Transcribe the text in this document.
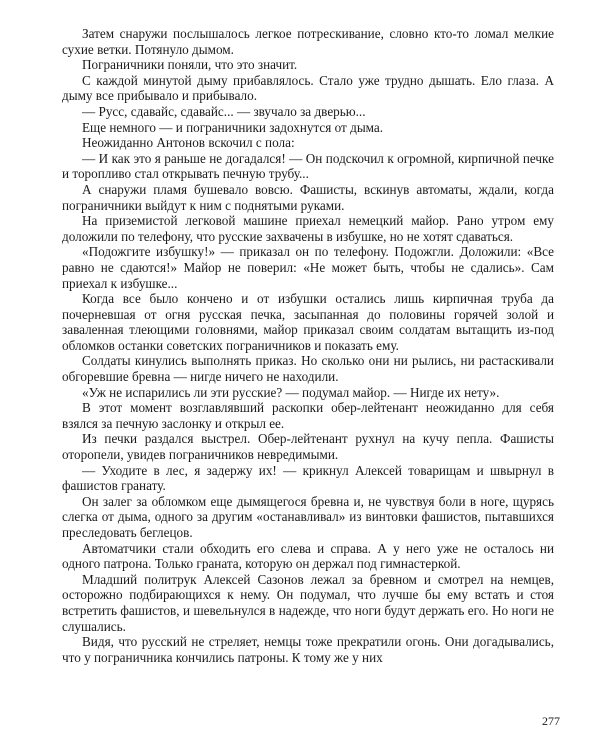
Затем снаружи послышалось легкое потрескивание, словно кто-то ломал мелкие сухие ветки. Потянуло дымом.

Пограничники поняли, что это значит.

С каждой минутой дыму прибавлялось. Стало уже трудно дышать. Ело глаза. А дыму все прибывало и прибывало.

— Русс, сдавайс, сдавайс... — звучало за дверью...

Еще немного — и пограничники задохнутся от дыма.

Неожиданно Антонов вскочил с пола:

— И как это я раньше не догадался! — Он подскочил к огромной, кирпичной печке и торопливо стал открывать печную трубу...

А снаружи пламя бушевало вовсю. Фашисты, вскинув автоматы, ждали, когда пограничники выйдут к ним с поднятыми руками.

На приземистой легковой машине приехал немецкий майор. Рано утром ему доложили по телефону, что русские захвачены в избушке, но не хотят сдаваться.

«Подожгите избушку!» — приказал он по телефону. Подожгли. Доложили: «Все равно не сдаются!» Майор не поверил: «Не может быть, чтобы не сдались». Сам приехал к избушке...

Когда все было кончено и от избушки остались лишь кирпичная труба да почерневшая от огня русская печка, засыпанная до половины горячей золой и заваленная тлеющими головнями, майор приказал своим солдатам вытащить из-под обломков останки советских пограничников и показать ему.

Солдаты кинулись выполнять приказ. Но сколько они ни рылись, ни растаскивали обгоревшие бревна — нигде ничего не находили.

«Уж не испарились ли эти русские? — подумал майор. — Нигде их нету».

В этот момент возглавлявший раскопки обер-лейтенант неожиданно для себя взялся за печную заслонку и открыл ее.

Из печки раздался выстрел. Обер-лейтенант рухнул на кучу пепла. Фашисты оторопели, увидев пограничников невредимыми.

— Уходите в лес, я задержу их! — крикнул Алексей товарищам и швырнул в фашистов гранату.

Он залег за обломком еще дымящегося бревна и, не чувствуя боли в ноге, щурясь слегка от дыма, одного за другим «останавливал» из винтовки фашистов, пытавшихся преследовать беглецов.

Автоматчики стали обходить его слева и справа. А у него уже не осталось ни одного патрона. Только граната, которую он держал под гимнастеркой.

Младший политрук Алексей Сазонов лежал за бревном и смотрел на немцев, осторожно подбирающихся к нему. Он подумал, что лучше бы ему встать и стоя встретить фашистов, и шевельнулся в надежде, что ноги будут держать его. Но ноги не слушались.

Видя, что русский не стреляет, немцы тоже прекратили огонь. Они догадывались, что у пограничника кончились патроны. К тому же у них

277
